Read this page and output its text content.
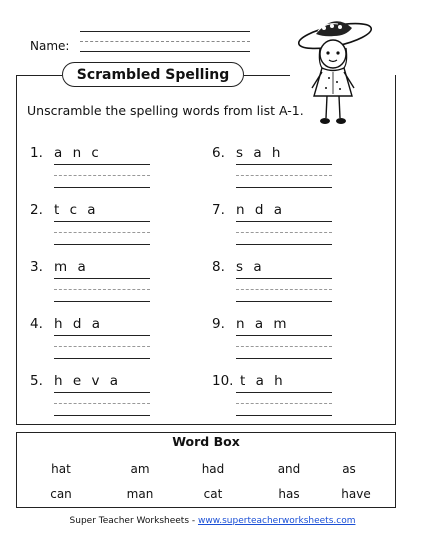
Name:
Scrambled Spelling
Unscramble the spelling words from list A-1.
1. a n c
2. t c a
3. m a
4. h d a
5. h e v a
6. s a h
7. n d a
8. s a
9. n a m
10. t a h
Word Box
hat	am	had	and	as
can	man	cat	has	have
Super Teacher Worksheets - www.superteacherworksheets.com
